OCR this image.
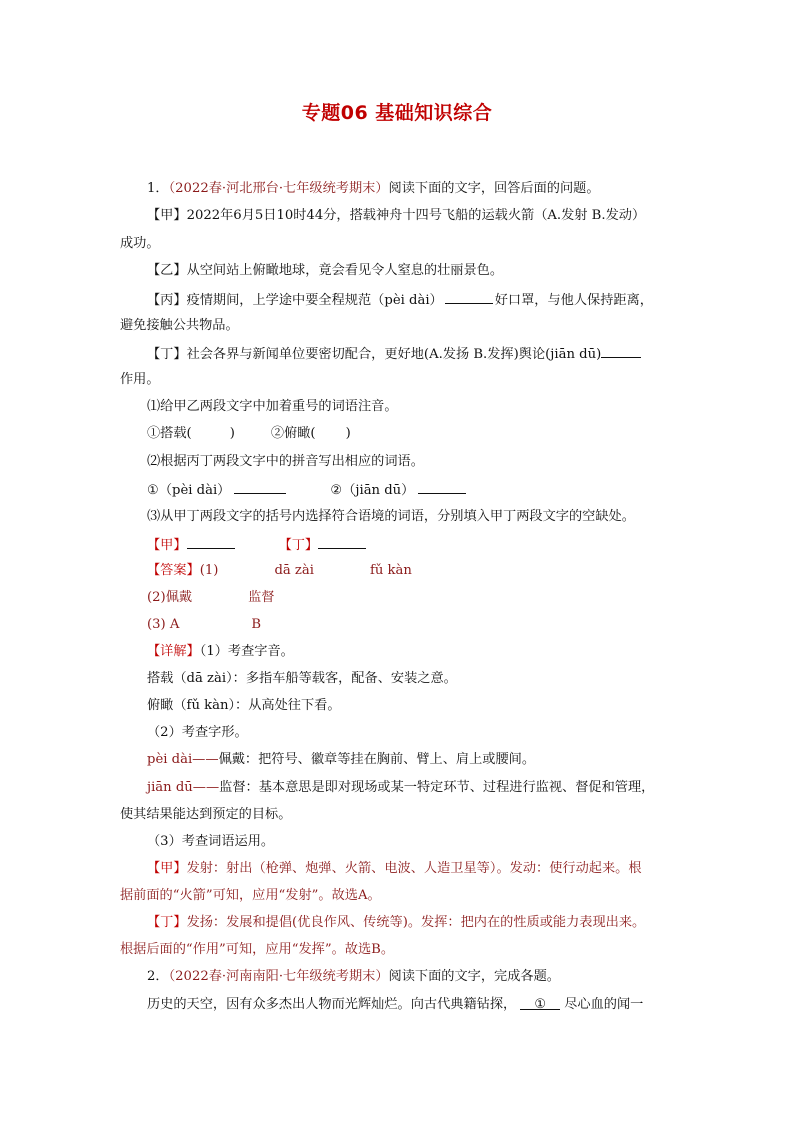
专题06 基础知识综合
1．（2022春·河北邢台·七年级统考期末）阅读下面的文字，回答后面的问题。
【甲】2022年6月5日10时44分，搭载神舟十四号飞船的运载火箭（A.发射 B.发动）
成功。
【乙】从空间站上俯瞰地球，竟会看见令人窒息的壮丽景色。
【丙】疫情期间，上学途中要全程规范（pèi dài）	好口罩，与他人保持距离，
避免接触公共物品。
【丁】社会各界与新闻单位要密切配合，更好地(A.发扬 B.发挥)舆论(jiān dū)
作用。
⑴给甲乙两段文字中加着重号的词语注音。
①搭载(	)	②俯瞰( )
⑵根据丙丁两段文字中的拼音写出相应的词语。
①（pèi dài）	②（jiān dū）
⑶从甲丁两段文字的括号内选择符合语境的词语，分别填入甲丁两段文字的空缺处。
【甲】	【丁】
【答案】(1)	dā zài	fǔ kàn
(2)佩戴	监督
(3) A	B
【详解】（1）考查字音。
搭载（dā zài）：多指车船等载客，配备、安装之意。
俯瞰（fǔ kàn）：从高处往下看。
（2）考查字形。
pèi dài——佩戴：把符号、徽章等挂在胸前、臂上、肩上或腰间。
jiān dū——监督：基本意思是即对现场或某一特定环节、过程进行监视、督促和管理，
使其结果能达到预定的目标。
（3）考查词语运用。
【甲】发射：射出（枪弹、炮弹、火箭、电波、人造卫星等）。发动：使行动起来。根
据前面的“火箭”可知，应用“发射”。故选A。
【丁】发扬：发展和提倡(优良作风、传统等)。发挥：把内在的性质或能力表现出来。
根据后面的“作用”可知，应用“发挥”。故选B。
2．（2022春·河南南阳·七年级统考期末）阅读下面的文字，完成各题。
历史的天空，因有众多杰出人物而光辉灿烂。向古代典籍钻探， ① 尽心血的闻一
